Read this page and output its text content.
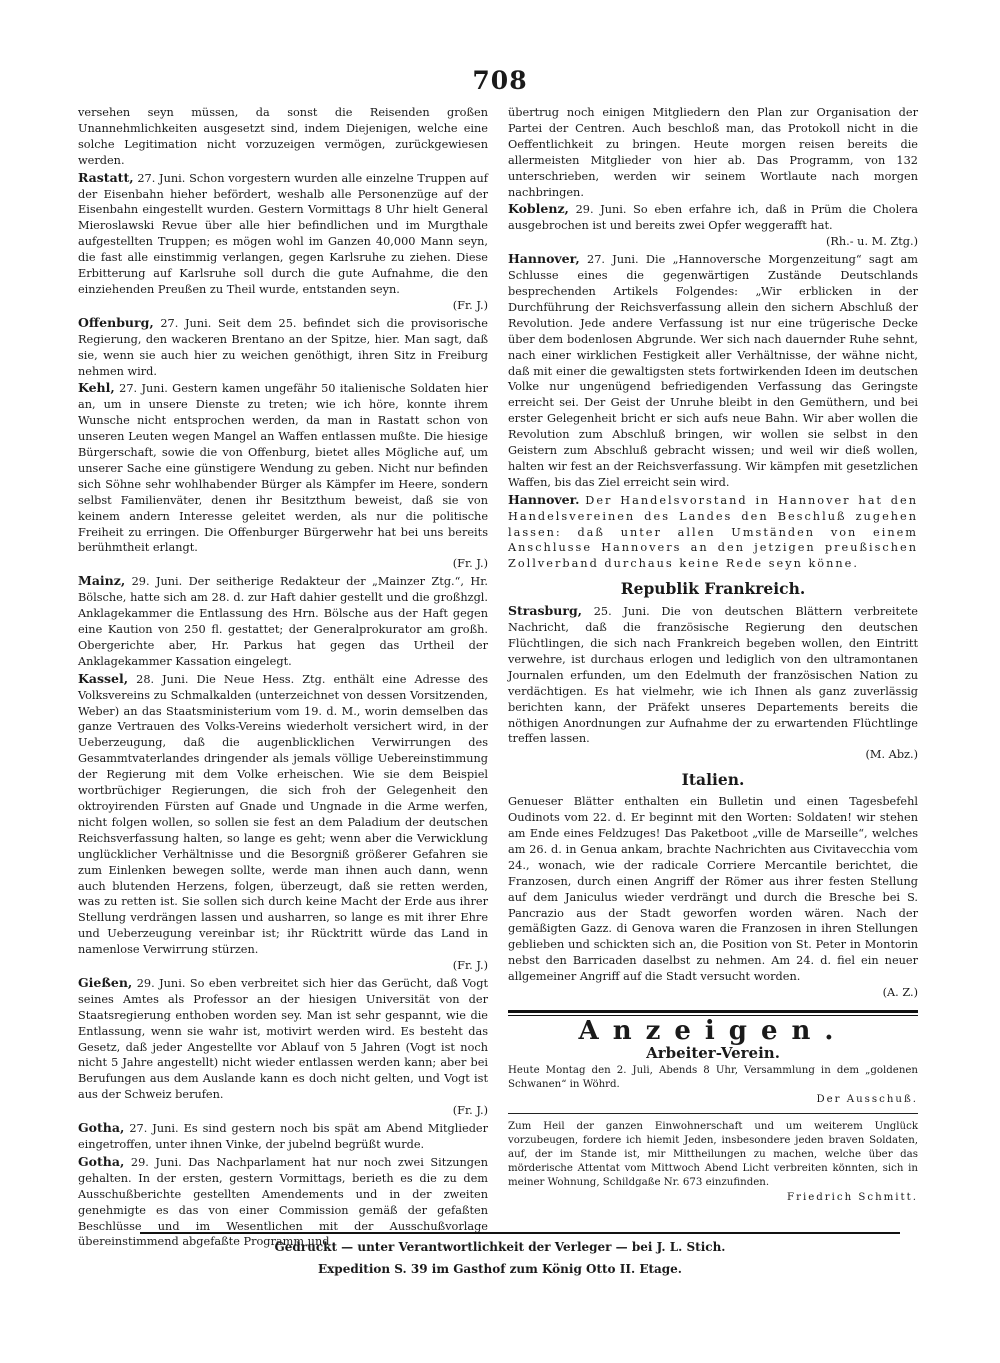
708

versehen seyn müssen, da sonst die Reisenden großen Unannehmlichkeiten ausgesetzt sind, indem Diejenigen, welche eine solche Legitimation nicht vorzuzeigen vermögen, zurückgewiesen werden.

Rastatt, 27. Juni. Schon vorgestern wurden alle einzelne Truppen auf der Eisenbahn hieher befördert, weshalb alle Personenzüge auf der Eisenbahn eingestellt wurden. Gestern Vormittags 8 Uhr hielt General Mieroslawski Revue über alle hier befindlichen und im Murgthale aufgestellten Truppen; es mögen wohl im Ganzen 40,000 Mann seyn, die fast alle einstimmig verlangen, gegen Karlsruhe zu ziehen. Diese Erbitterung auf Karlsruhe soll durch die gute Aufnahme, die den einziehenden Preußen zu Theil wurde, entstanden seyn.
(Fr. J.)

Offenburg, 27. Juni. Seit dem 25. befindet sich die provisorische Regierung, den wackeren Brentano an der Spitze, hier. Man sagt, daß sie, wenn sie auch hier zu weichen genöthigt, ihren Sitz in Freiburg nehmen wird.

Kehl, 27. Juni. Gestern kamen ungefähr 50 italienische Soldaten hier an, um in unsere Dienste zu treten; wie ich höre, konnte ihrem Wunsche nicht entsprochen werden, da man in Rastatt schon von unseren Leuten wegen Mangel an Waffen entlassen mußte. Die hiesige Bürgerschaft, sowie die von Offenburg, bietet alles Mögliche auf, um unserer Sache eine günstigere Wendung zu geben. Nicht nur befinden sich Söhne sehr wohlhabender Bürger als Kämpfer im Heere, sondern selbst Familienväter, denen ihr Besitzthum beweist, daß sie von keinem andern Interesse geleitet werden, als nur die politische Freiheit zu erringen. Die Offenburger Bürgerwehr hat bei uns bereits berühmtheit erlangt.
(Fr. J.)

Mainz, 29. Juni. Der seitherige Redakteur der „Mainzer Ztg.“, Hr. Bölsche, hatte sich am 28. d. zur Haft dahier gestellt und die großhzgl. Anklagekammer die Entlassung des Hrn. Bölsche aus der Haft gegen eine Kaution von 250 fl. gestattet; der Generalprokurator am großh. Obergerichte aber, Hr. Parkus hat gegen das Urtheil der Anklagekammer Kassation eingelegt.

Kassel, 28. Juni. Die Neue Hess. Ztg. enthält eine Adresse des Volksvereins zu Schmalkalden (unterzeichnet von dessen Vorsitzenden, Weber) an das Staatsministerium vom 19. d. M., worin demselben das ganze Vertrauen des Volks-Vereins wiederholt versichert wird, in der Ueberzeugung, daß die augenblicklichen Verwirrungen des Gesammtvaterlandes dringender als jemals völlige Uebereinstimmung der Regierung mit dem Volke erheischen. Wie sie dem Beispiel wortbrüchiger Regierungen, die sich froh der Gelegenheit den oktroyirenden Fürsten auf Gnade und Ungnade in die Arme werfen, nicht folgen wollen, so sollen sie fest an dem Paladium der deutschen Reichsverfassung halten, so lange es geht; wenn aber die Verwicklung unglücklicher Verhältnisse und die Besorgniß größerer Gefahren sie zum Einlenken bewegen sollte, werde man ihnen auch dann, wenn auch blutenden Herzens, folgen, überzeugt, daß sie retten werden, was zu retten ist. Sie sollen sich durch keine Macht der Erde aus ihrer Stellung verdrängen lassen und ausharren, so lange es mit ihrer Ehre und Ueberzeugung vereinbar ist; ihr Rücktritt würde das Land in namenlose Verwirrung stürzen.
(Fr. J.)

Gießen, 29. Juni. So eben verbreitet sich hier das Gerücht, daß Vogt seines Amtes als Professor an der hiesigen Universität von der Staatsregierung enthoben worden sey. Man ist sehr gespannt, wie die Entlassung, wenn sie wahr ist, motivirt werden wird. Es besteht das Gesetz, daß jeder Angestellte vor Ablauf von 5 Jahren (Vogt ist noch nicht 5 Jahre angestellt) nicht wieder entlassen werden kann; aber bei Berufungen aus dem Auslande kann es doch nicht gelten, und Vogt ist aus der Schweiz berufen.
(Fr. J.)

Gotha, 27. Juni. Es sind gestern noch bis spät am Abend Mitglieder eingetroffen, unter ihnen Vinke, der jubelnd begrüßt wurde.

Gotha, 29. Juni. Das Nachparlament hat nur noch zwei Sitzungen gehalten. In der ersten, gestern Vormittags, berieth es die zu dem Ausschußberichte gestellten Amendements und in der zweiten genehmigte es das von einer Commission gemäß der gefaßten Beschlüsse und im Wesentlichen mit der Ausschußvorlage übereinstimmend abgefaßte Programm und

übertrug noch einigen Mitgliedern den Plan zur Organisation der Partei der Centren. Auch beschloß man, das Protokoll nicht in die Oeffentlichkeit zu bringen. Heute morgen reisen bereits die allermeisten Mitglieder von hier ab. Das Programm, von 132 unterschrieben, werden wir seinem Wortlaute nach morgen nachbringen.

Koblenz, 29. Juni. So eben erfahre ich, daß in Prüm die Cholera ausgebrochen ist und bereits zwei Opfer weggerafft hat.
(Rh.- u. M. Ztg.)

Hannover, 27. Juni. Die „Hannoversche Morgenzeitung“ sagt am Schlusse eines die gegenwärtigen Zustände Deutschlands besprechenden Artikels Folgendes: „Wir erblicken in der Durchführung der Reichsverfassung allein den sichern Abschluß der Revolution. Jede andere Verfassung ist nur eine trügerische Decke über dem bodenlosen Abgrunde. Wer sich nach dauernder Ruhe sehnt, nach einer wirklichen Festigkeit aller Verhältnisse, der wähne nicht, daß mit einer die gewaltigsten stets fortwirkenden Ideen im deutschen Volke nur ungenügend befriedigenden Verfassung das Geringste erreicht sei. Der Geist der Unruhe bleibt in den Gemüthern, und bei erster Gelegenheit bricht er sich aufs neue Bahn. Wir aber wollen die Revolution zum Abschluß bringen, wir wollen sie selbst in den Geistern zum Abschluß gebracht wissen; und weil wir dieß wollen, halten wir fest an der Reichsverfassung. Wir kämpfen mit gesetzlichen Waffen, bis das Ziel erreicht sein wird.

Hannover. Der Handelsvorstand in Hannover hat den Handelsvereinen des Landes den Beschluß zugehen lassen: daß unter allen Umständen von einem Anschlusse Hannovers an den jetzigen preußischen Zollverband durchaus keine Rede seyn könne.

Republik Frankreich.

Strasburg, 25. Juni. Die von deutschen Blättern verbreitete Nachricht, daß die französische Regierung den deutschen Flüchtlingen, die sich nach Frankreich begeben wollen, den Eintritt verwehre, ist durchaus erlogen und lediglich von den ultramontanen Journalen erfunden, um den Edelmuth der französischen Nation zu verdächtigen. Es hat vielmehr, wie ich Ihnen als ganz zuverlässig berichten kann, der Präfekt unseres Departements bereits die nöthigen Anordnungen zur Aufnahme der zu erwartenden Flüchtlinge treffen lassen.
(M. Abz.)

Italien.

Genueser Blätter enthalten ein Bulletin und einen Tagesbefehl Oudinots vom 22. d. Er beginnt mit den Worten: Soldaten! wir stehen am Ende eines Feldzuges! Das Paketboot „ville de Marseille“, welches am 26. d. in Genua ankam, brachte Nachrichten aus Civitavecchia vom 24., wonach, wie der radicale Corriere Mercantile berichtet, die Franzosen, durch einen Angriff der Römer aus ihrer festen Stellung auf dem Janiculus wieder verdrängt und durch die Bresche bei S. Pancrazio aus der Stadt geworfen worden wären. Nach der gemäßigten Gazz. di Genova waren die Franzosen in ihren Stellungen geblieben und schickten sich an, die Position von St. Peter in Montorin nebst den Barricaden daselbst zu nehmen. Am 24. d. fiel ein neuer allgemeiner Angriff auf die Stadt versucht worden.
(A. Z.)

Anzeigen.
Arbeiter-Verein.

Heute Montag den 2. Juli, Abends 8 Uhr, Versammlung in dem „goldenen Schwanen“ in Wöhrd.

Der Ausschuß.

Zum Heil der ganzen Einwohnerschaft und um weiterem Unglück vorzubeugen, fordere ich hiemit Jeden, insbesondere jeden braven Soldaten, auf, der im Stande ist, mir Mittheilungen zu machen, welche über das mörderische Attentat vom Mittwoch Abend Licht verbreiten könnten, sich in meiner Wohnung, Schildgaße Nr. 673 einzufinden.

Friedrich Schmitt.

Gedruckt — unter Verantwortlichkeit der Verleger — bei J. L. Stich.
Expedition S. 39 im Gasthof zum König Otto II. Etage.
